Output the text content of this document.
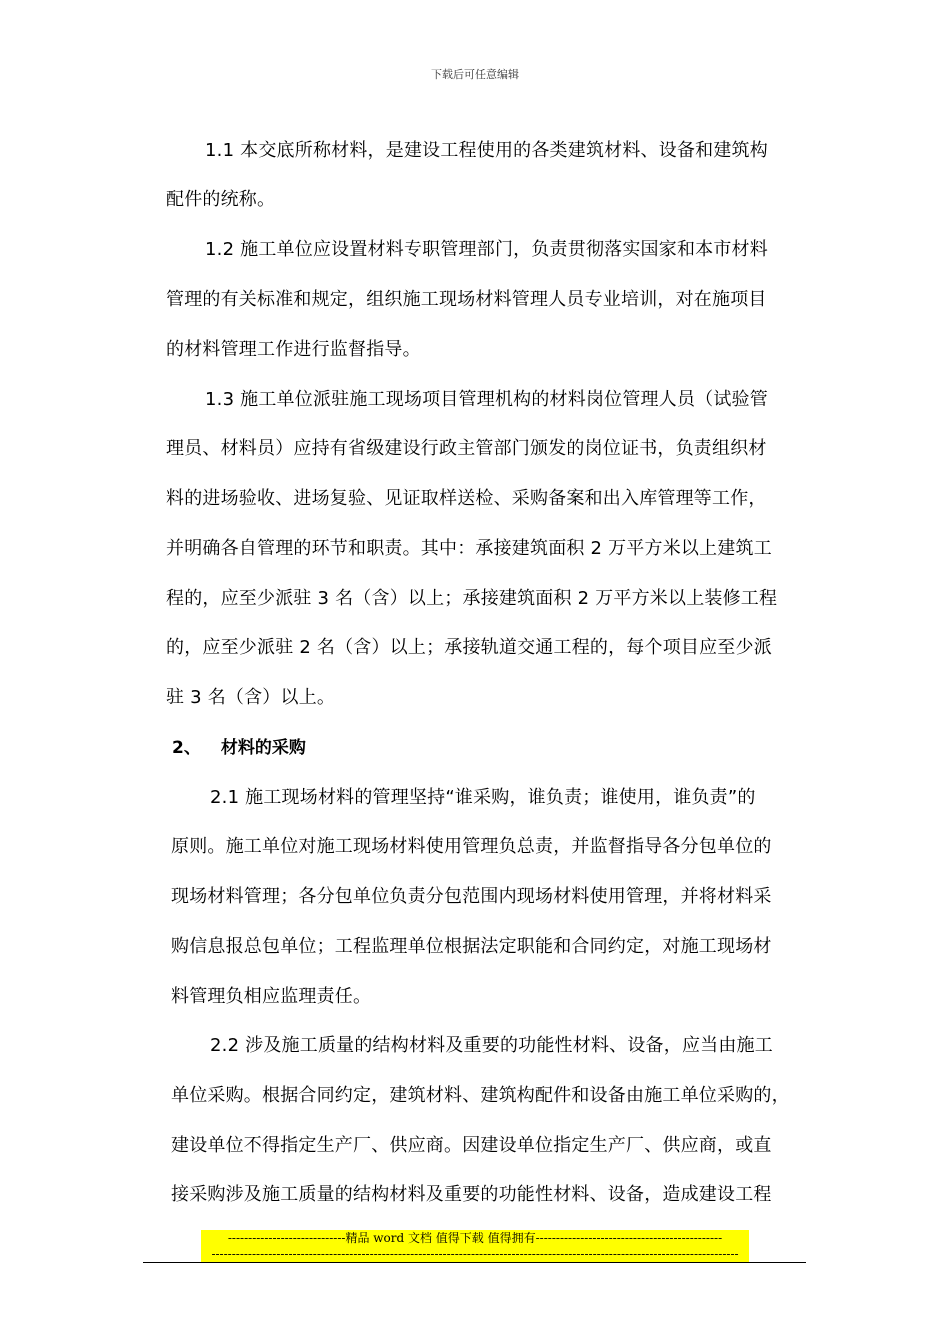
下载后可任意编辑
1.1 本交底所称材料，是建设工程使用的各类建筑材料、设备和建筑构
配件的统称。
1.2 施工单位应设置材料专职管理部门，负责贯彻落实国家和本市材料
管理的有关标准和规定，组织施工现场材料管理人员专业培训，对在施项目
的材料管理工作进行监督指导。
1.3 施工单位派驻施工现场项目管理机构的材料岗位管理人员（试验管
理员、材料员）应持有省级建设行政主管部门颁发的岗位证书，负责组织材
料的进场验收、进场复验、见证取样送检、采购备案和出入库管理等工作，
并明确各自管理的环节和职责。其中：承接建筑面积 2 万平方米以上建筑工
程的，应至少派驻 3 名（含）以上；承接建筑面积 2 万平方米以上装修工程
的，应至少派驻 2 名（含）以上；承接轨道交通工程的，每个项目应至少派
驻 3 名（含）以上。
2、 材料的采购
2.1 施工现场材料的管理坚持“谁采购，谁负责；谁使用，谁负责”的
原则。施工单位对施工现场材料使用管理负总责，并监督指导各分包单位的
现场材料管理；各分包单位负责分包范围内现场材料使用管理，并将材料采
购信息报总包单位；工程监理单位根据法定职能和合同约定，对施工现场材
料管理负相应监理责任。
2.2 涉及施工质量的结构材料及重要的功能性材料、设备，应当由施工
单位采购。根据合同约定，建筑材料、建筑构配件和设备由施工单位采购的，
建设单位不得指定生产厂、供应商。因建设单位指定生产厂、供应商，或直
接采购涉及施工质量的结构材料及重要的功能性材料、设备，造成建设工程
-----------------------------精品 word 文档 值得下载 值得拥有----------------------------------------------
----------------------------------------------------------------------------------------------------------------------------------
